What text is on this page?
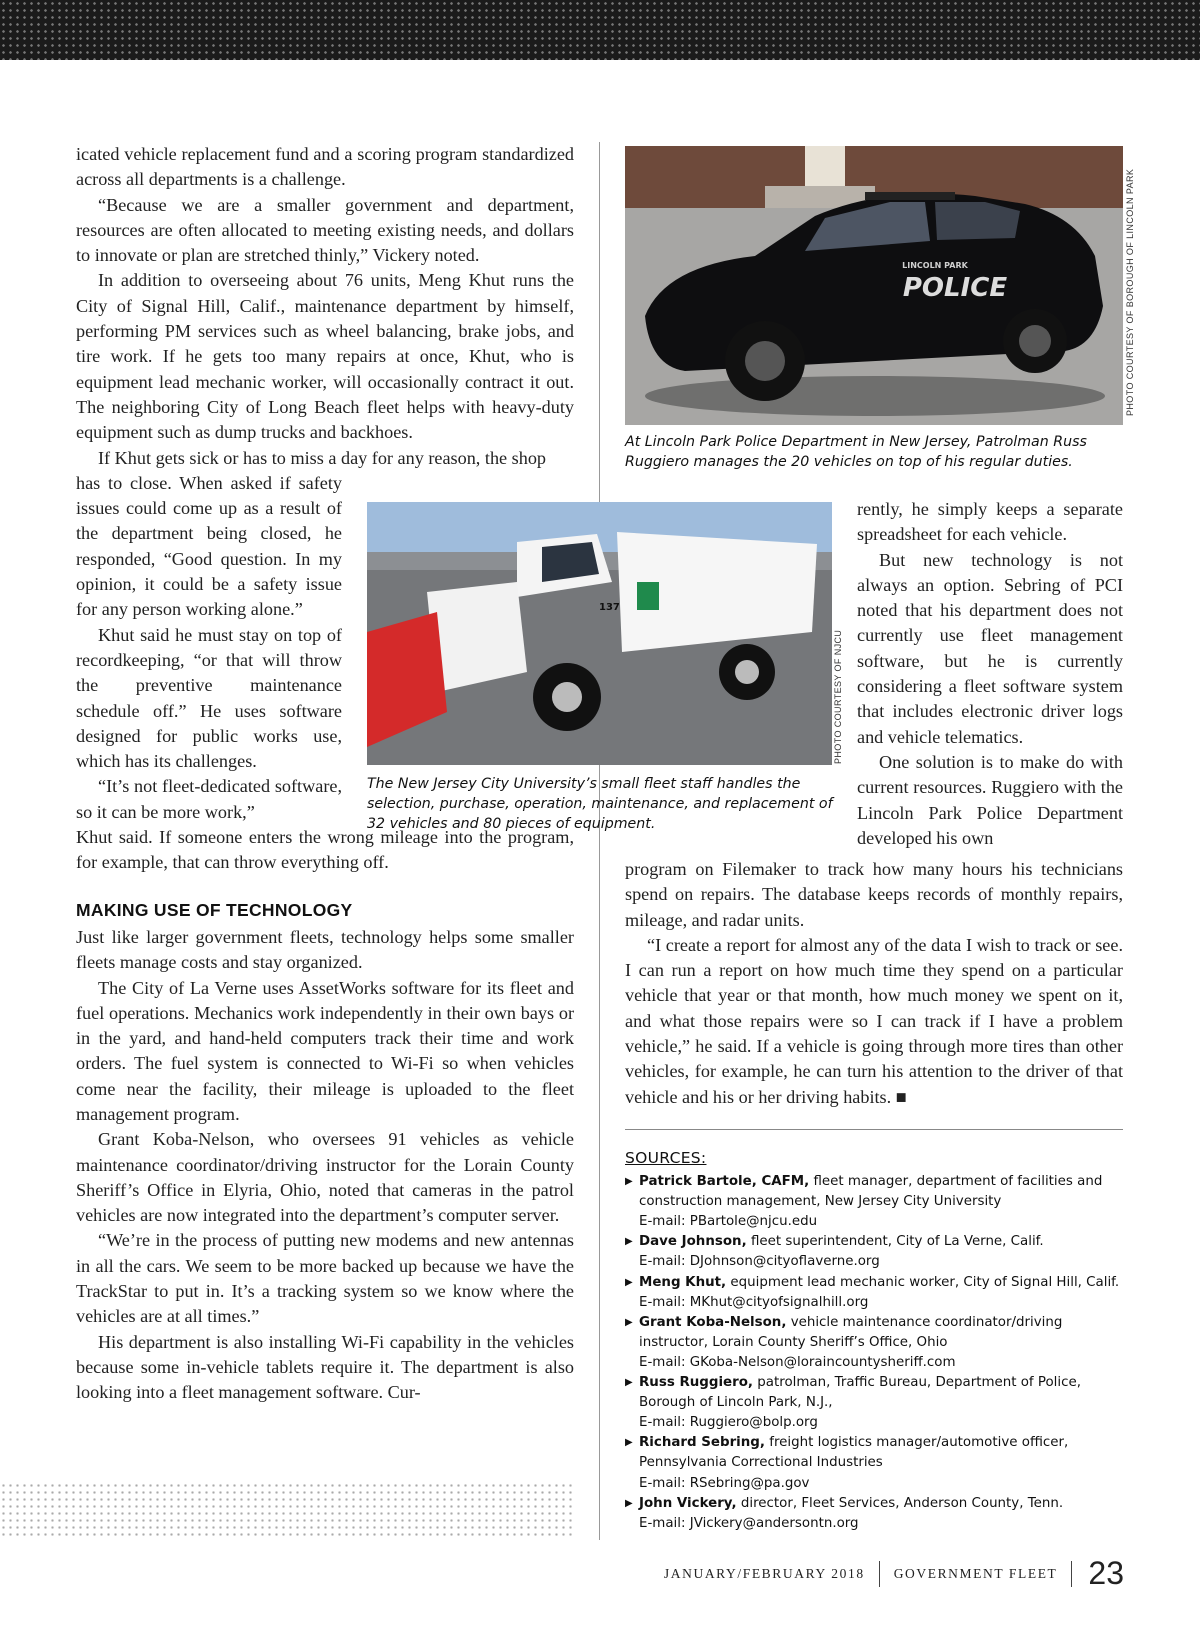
icated vehicle replacement fund and a scoring program standardized across all departments is a challenge.

“Because we are a smaller government and department, resources are often allocated to meeting existing needs, and dollars to innovate or plan are stretched thinly,” Vickery noted.

In addition to overseeing about 76 units, Meng Khut runs the City of Signal Hill, Calif., maintenance department by himself, performing PM services such as wheel balancing, brake jobs, and tire work. If he gets too many repairs at once, Khut, who is equipment lead mechanic worker, will occasionally contract it out. The neighboring City of Long Beach fleet helps with heavy-duty equipment such as dump trucks and backhoes.

If Khut gets sick or has to miss a day for any reason, the shop

has to close. When asked if safety issues could come up as a result of the department being closed, he responded, “Good question. In my opinion, it could be a safety issue for any person working alone.”

Khut said he must stay on top of recordkeeping, “or that will throw the preventive maintenance schedule off.” He uses software designed for public works use, which has its challenges.

“It’s not fleet-dedicated software, so it can be more work,”

Khut said. If someone enters the wrong mileage into the program, for example, that can throw everything off.

MAKING USE OF TECHNOLOGY

Just like larger government fleets, technology helps some smaller fleets manage costs and stay organized.

The City of La Verne uses AssetWorks software for its fleet and fuel operations. Mechanics work independently in their own bays or in the yard, and hand-held computers track their time and work orders. The fuel system is connected to Wi-Fi so when vehicles come near the facility, their mileage is uploaded to the fleet management program.

Grant Koba-Nelson, who oversees 91 vehicles as vehicle maintenance coordinator/driving instructor for the Lorain County Sheriff’s Office in Elyria, Ohio, noted that cameras in the patrol vehicles are now integrated into the department’s computer server.

“We’re in the process of putting new modems and new antennas in all the cars. We seem to be more backed up because we have the TrackStar to put in. It’s a tracking system so we know where the vehicles are at all times.”

His department is also installing Wi-Fi capability in the vehicles because some in-vehicle tablets require it. The department is also looking into a fleet management software. Cur-

LINCOLN PARK
POLICE	PHOTO COURTESY OF BOROUGH OF LINCOLN PARK
At Lincoln Park Police Department in New Jersey, Patrolman Russ Ruggiero manages the 20 vehicles on top of his regular duties.
137
PHOTO COURTESY OF NJCU
The New Jersey City University’s small fleet staff handles the selection, purchase, operation, maintenance, and replacement of 32 vehicles and 80 pieces of equipment.

rently, he simply keeps a separate spreadsheet for each vehicle.

But new technology is not always an option. Sebring of PCI noted that his department does not currently use fleet management software, but he is currently considering a fleet software system that includes electronic driver logs and vehicle telematics.

One solution is to make do with current resources. Ruggiero with the Lincoln Park Police Department developed his own

program on Filemaker to track how many hours his technicians spend on repairs. The database keeps records of monthly repairs, mileage, and radar units.

“I create a report for almost any of the data I wish to track or see. I can run a report on how much time they spend on a particular vehicle that year or that month, how much money we spent on it, and what those repairs were so I can track if I have a problem vehicle,” he said. If a vehicle is going through more tires than other vehicles, for example, he can turn his attention to the driver of that vehicle and his or her driving habits. ■

SOURCES:
▶ Patrick Bartole, CAFM, fleet manager, department of facilities and construction management, New Jersey City University
E-mail: PBartole@njcu.edu
▶ Dave Johnson, fleet superintendent, City of La Verne, Calif.
E-mail: DJohnson@cityoflaverne.org
▶ Meng Khut, equipment lead mechanic worker, City of Signal Hill, Calif.
E-mail: MKhut@cityofsignalhill.org
▶ Grant Koba-Nelson, vehicle maintenance coordinator/driving instructor, Lorain County Sheriff’s Office, Ohio
E-mail: GKoba-Nelson@loraincountysheriff.com
▶ Russ Ruggiero, patrolman, Traffic Bureau, Department of Police, Borough of Lincoln Park, N.J.,
E-mail: Ruggiero@bolp.org
▶ Richard Sebring, freight logistics manager/automotive officer, Pennsylvania Correctional Industries
E-mail: RSebring@pa.gov
▶ John Vickery, director, Fleet Services, Anderson County, Tenn.
E-mail: JVickery@andersontn.org
JANUARY/FEBRUARY 2018 GOVERNMENT FLEET 23
